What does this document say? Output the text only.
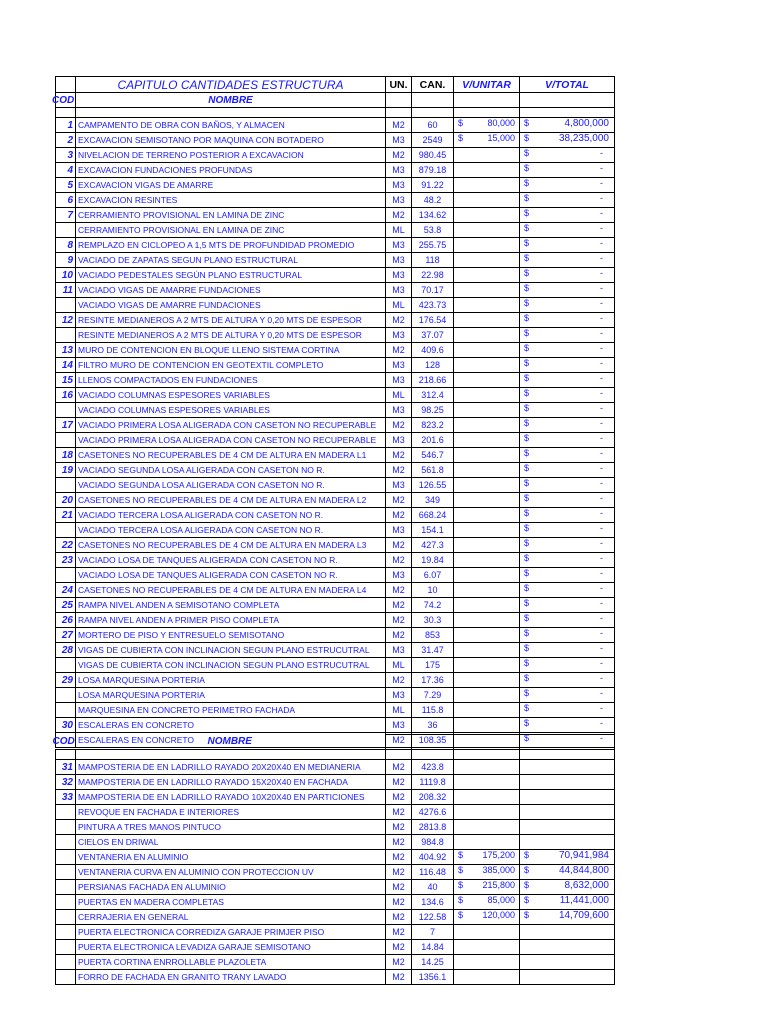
	CAPITULO CANTIDADES ESTRUCTURA	UN.	CAN.	V/UNITAR	V/TOTAL
COD	NOMBRE				

1	CAMPAMENTO DE OBRA CON BAÑOS, Y ALMACEN	M2	60	$	80,000	$	4,800,000

2	EXCAVACION SEMISOTANO POR MAQUINA CON BOTADERO	M3	2549	$	15,000	$	38,235,000

3	NIVELACION DE TERRENO POSTERIOR A EXCAVACION	M2	980.45		$	-

4	EXCAVACION FUNDACIONES PROFUNDAS	M3	879.18		$	-

5	EXCAVACION VIGAS DE AMARRE	M3	91.22		$	-

6	EXCAVACION RESINTES	M3	48.2		$	-

7	CERRAMIENTO PROVISIONAL EN LAMINA DE ZINC	M2	134.62		$	-

	CERRAMIENTO PROVISIONAL EN LAMINA DE ZINC	ML	53.8		$	-

8	REMPLAZO EN CICLOPEO A 1,5 MTS DE PROFUNDIDAD PROMEDIO	M3	255.75		$	-

9	VACIADO DE ZAPATAS SEGUN PLANO ESTRUCTURAL	M3	118		$	-

10	VACIADO PEDESTALES SEGÚN PLANO ESTRUCTURAL	M3	22.98		$	-

11	VACIADO VIGAS DE AMARRE FUNDACIONES	M3	70.17		$	-

	VACIADO VIGAS DE AMARRE FUNDACIONES	ML	423.73		$	-

12	RESINTE MEDIANEROS A 2 MTS DE ALTURA Y 0,20 MTS DE ESPESOR	M2	176.54		$	-

	RESINTE MEDIANEROS A 2 MTS DE ALTURA Y 0,20 MTS DE ESPESOR	M3	37.07		$	-

13	MURO DE CONTENCION EN BLOQUE LLENO SISTEMA CORTINA	M2	409.6		$	-

14	FILTRO MURO DE CONTENCION EN GEOTEXTIL COMPLETO	M3	128		$	-

15	LLENOS COMPACTADOS EN FUNDACIONES	M3	218.66		$	-

16	VACIADO COLUMNAS ESPESORES VARIABLES	ML	312.4		$	-

	VACIADO COLUMNAS ESPESORES VARIABLES	M3	98.25		$	-

17	VACIADO PRIMERA LOSA ALIGERADA CON CASETON NO RECUPERABLE	M2	823.2		$	-

	VACIADO PRIMERA LOSA ALIGERADA CON CASETON NO RECUPERABLE	M3	201.6		$	-

18	CASETONES NO RECUPERABLES DE 4 CM DE ALTURA EN MADERA L1	M2	546.7		$	-

19	VACIADO SEGUNDA LOSA ALIGERADA CON CASETON NO R.	M2	561.8		$	-

	VACIADO SEGUNDA LOSA ALIGERADA CON CASETON NO R.	M3	126.55		$	-

20	CASETONES NO RECUPERABLES DE 4 CM DE ALTURA EN MADERA L2	M2	349		$	-

21	VACIADO TERCERA LOSA ALIGERADA CON CASETON NO R.	M2	668.24		$	-

	VACIADO TERCERA LOSA ALIGERADA CON CASETON NO R.	M3	154.1		$	-

22	CASETONES NO RECUPERABLES DE 4 CM DE ALTURA EN MADERA L3	M2	427.3		$	-

23	VACIADO LOSA DE TANQUES ALIGERADA CON CASETON NO R.	M2	19.84		$	-

	VACIADO LOSA DE TANQUES ALIGERADA CON CASETON NO R.	M3	6.07		$	-

24	CASETONES NO RECUPERABLES DE 4 CM DE ALTURA EN MADERA L4	M2	10		$	-

25	RAMPA NIVEL ANDEN A SEMISOTANO COMPLETA	M2	74.2		$	-

26	RAMPA NIVEL ANDEN A PRIMER PISO COMPLETA	M2	30.3		$	-

27	MORTERO DE PISO Y ENTRESUELO SEMISOTANO	M2	853		$	-

28	VIGAS DE CUBIERTA CON INCLINACION SEGUN PLANO ESTRUCUTRAL	M3	31.47		$	-

	VIGAS DE CUBIERTA CON INCLINACION SEGUN PLANO ESTRUCUTRAL	ML	175		$	-

29	LOSA MARQUESINA PORTERIA	M2	17.36		$	-

	LOSA MARQUESINA PORTERIA	M3	7.29		$	-

	MARQUESINA EN CONCRETO PERIMETRO FACHADA	ML	115.8		$	-

30	ESCALERAS EN CONCRETO	M3	36		$	-

	ESCALERAS EN CONCRETO	M2	108.35		$	-
COD	NOMBRE				

31	MAMPOSTERIA DE EN LADRILLO RAYADO 20X20X40 EN MEDIANERIA	M2	423.8	

32	MAMPOSTERIA DE EN LADRILLO RAYADO 15X20X40 EN FACHADA	M2	1119.8	

33	MAMPOSTERIA DE EN LADRILLO RAYADO 10X20X40 EN PARTICIONES	M2	208.32	

	REVOQUE EN FACHADA E INTERIORES	M2	4276.6	

	PINTURA A TRES MANOS PINTUCO	M2	2813.8	

	CIELOS EN DRIWAL	M2	984.8	

	VENTANERIA EN ALUMINIO	M2	404.92	$ 175,200	$	70,941,984

	VENTANERIA CURVA EN ALUMINIO CON PROTECCION UV	M2	116.48	$ 385,000	$	44,844,800

	PERSIANAS FACHADA EN ALUMINIO	M2	40	$ 215,800	$	8,632,000

	PUERTAS EN MADERA COMPLETAS	M2	134.6	$	85,000	$	11,441,000

	CERRAJERIA EN GENERAL	M2	122.58	$ 120,000	$	14,709,600

	PUERTA ELECTRONICA CORREDIZA GARAJE PRIMJER PISO	M2	7	

	PUERTA ELECTRONICA LEVADIZA GARAJE SEMISOTANO	M2	14.84	

	PUERTA CORTINA ENRROLLABLE PLAZOLETA	M2	14.25	

	FORRO DE FACHADA EN GRANITO TRANY LAVADO	M2	1356.1	
